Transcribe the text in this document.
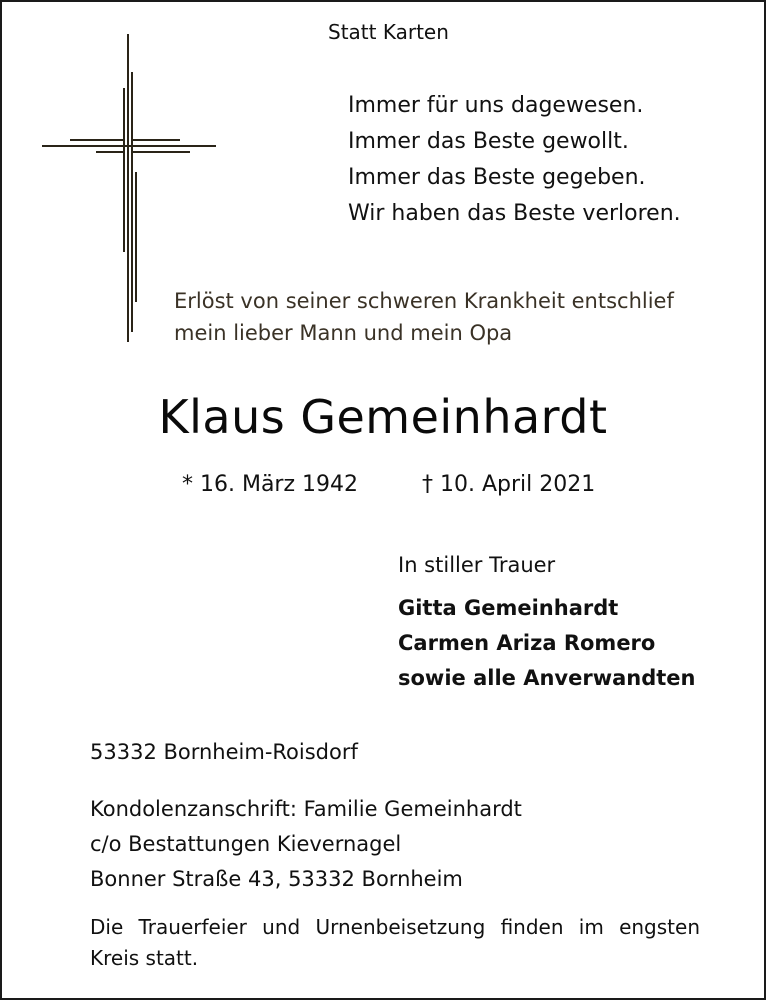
Statt Karten
Immer für uns dagewesen.
Immer das Beste gewollt.
Immer das Beste gegeben.
Wir haben das Beste verloren.
Erlöst von seiner schweren Krankheit entschlief
mein lieber Mann und mein Opa
Klaus Gemeinhardt
* 16. März 1942	† 10. April 2021
In stiller Trauer
Gitta Gemeinhardt
Carmen Ariza Romero
sowie alle Anverwandten
53332 Bornheim-Roisdorf
Kondolenzanschrift: Familie Gemeinhardt
c/o Bestattungen Kievernagel
Bonner Straße 43, 53332 Bornheim
Die Trauerfeier und Urnenbeisetzung finden im engsten Kreis statt.
